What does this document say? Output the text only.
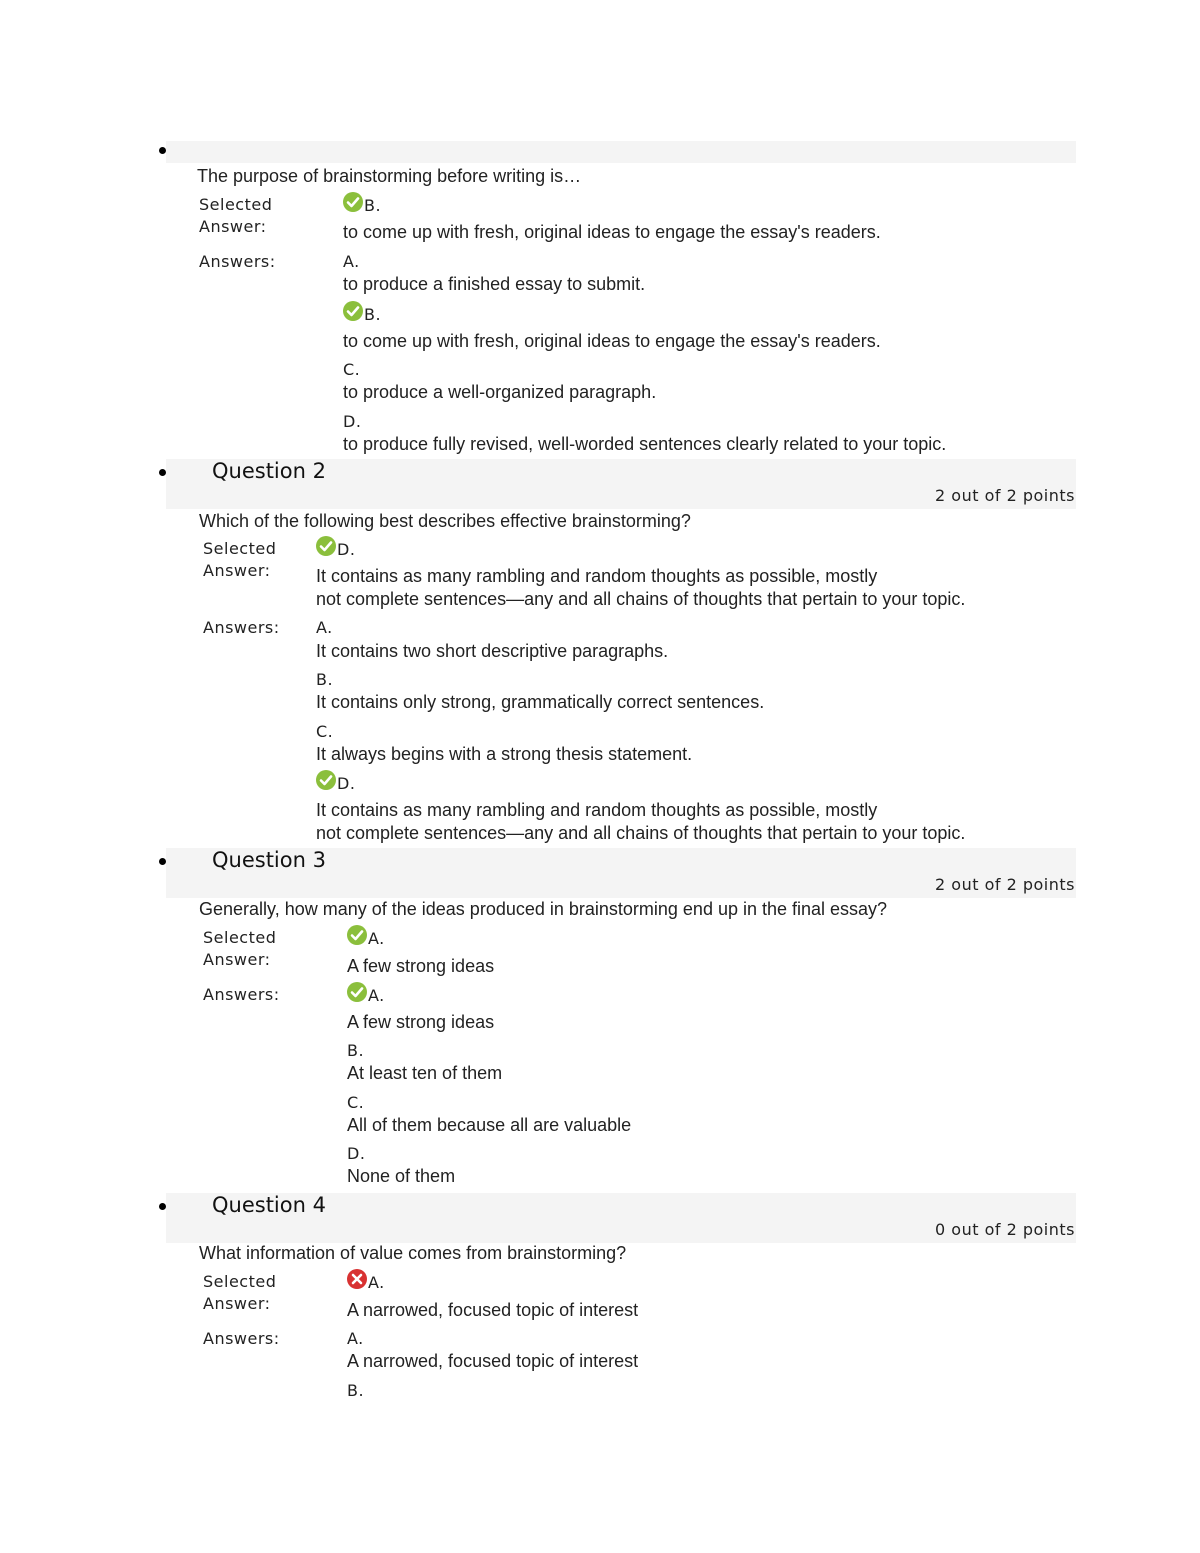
The purpose of brainstorming before writing is…
Selected
Answer:
B.
to come up with fresh, original ideas to engage the essay's readers.
Answers:	A.
to produce a finished essay to submit.
B.
to come up with fresh, original ideas to engage the essay's readers.
C.
to produce a well-organized paragraph.
D.
to produce fully revised, well-worded sentences clearly related to your topic.
Question 2
2 out of 2 points
Which of the following best describes effective brainstorming?
Selected
Answer:
D.
It contains as many rambling and random thoughts as possible, mostly
not complete sentences—any and all chains of thoughts that pertain to your topic.
Answers: A.
It contains two short descriptive paragraphs.
B.
It contains only strong, grammatically correct sentences.
C.
It always begins with a strong thesis statement.
D.
It contains as many rambling and random thoughts as possible, mostly
not complete sentences—any and all chains of thoughts that pertain to your topic.
Question 3
2 out of 2 points
Generally, how many of the ideas produced in brainstorming end up in the final essay?
Selected
Answer:
A.
A few strong ideas
Answers:	A.
A few strong ideas
B.
At least ten of them
C.
All of them because all are valuable
D.
None of them
Question 4
0 out of 2 points
What information of value comes from brainstorming?
Selected
Answer:
A.
A narrowed, focused topic of interest
Answers:	A.
A narrowed, focused topic of interest
B.
